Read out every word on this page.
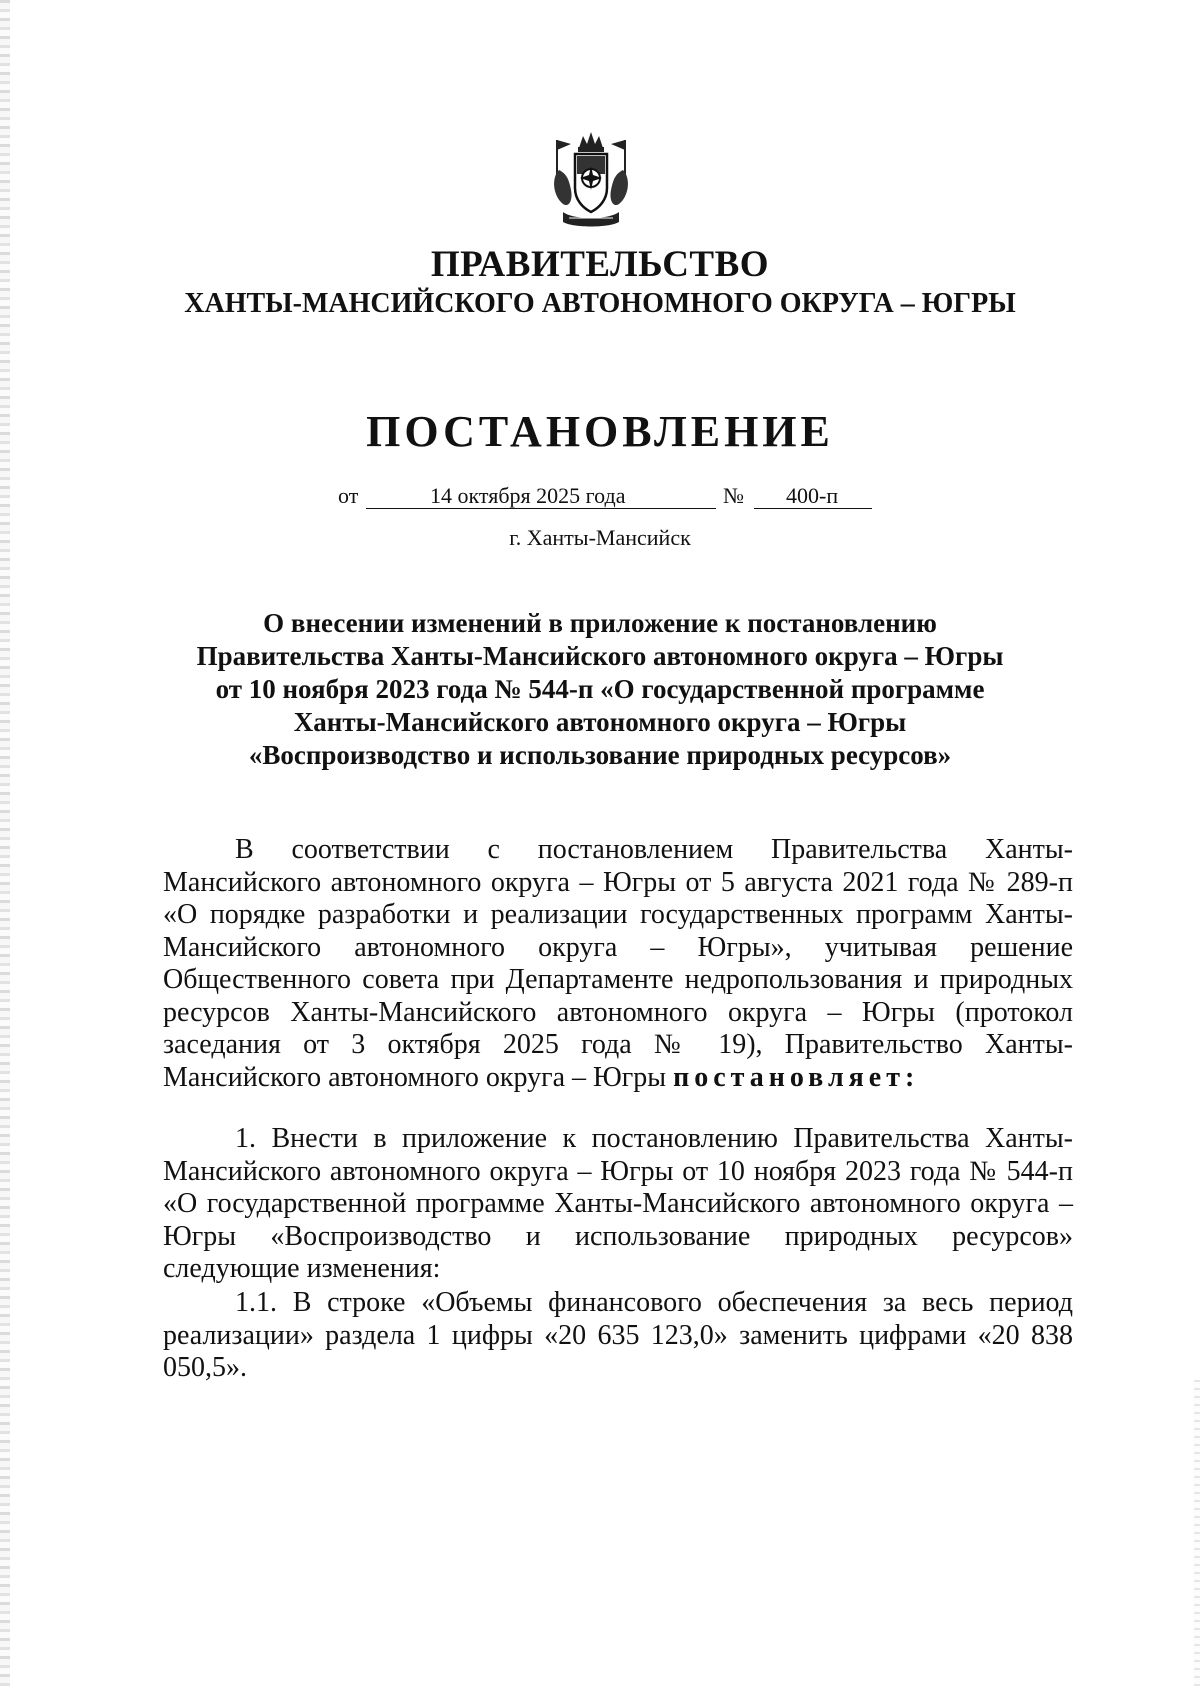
ПРАВИТЕЛЬСТВО
ХАНТЫ-МАНСИЙСКОГО АВТОНОМНОГО ОКРУГА – ЮГРЫ
ПОСТАНОВЛЕНИЕ
от	14 октября 2025 года	№ 400-п
г. Ханты-Мансийск
О внесении изменений в приложение к постановлению
Правительства Ханты-Мансийского автономного округа – Югры
от 10 ноября 2023 года № 544-п «О государственной программе
Ханты-Мансийского автономного округа – Югры
«Воспроизводство и использование природных ресурсов»
В соответствии с постановлением Правительства Ханты-Мансийского автономного округа – Югры от 5 августа 2021 года № 289-п «О порядке разработки и реализации государственных программ Ханты-Мансийского автономного округа – Югры», учитывая решение Общественного совета при Департаменте недропользования и природных ресурсов Ханты-Мансийского автономного округа – Югры (протокол заседания от 3 октября 2025 года № 19), Правительство Ханты-Мансийского автономного округа – Югры постановляет:
1. Внести в приложение к постановлению Правительства Ханты-Мансийского автономного округа – Югры от 10 ноября 2023 года № 544-п «О государственной программе Ханты-Мансийского автономного округа – Югры «Воспроизводство и использование природных ресурсов» следующие изменения:
1.1. В строке «Объемы финансового обеспечения за весь период реализации» раздела 1 цифры «20 635 123,0» заменить цифрами «20 838 050,5».
